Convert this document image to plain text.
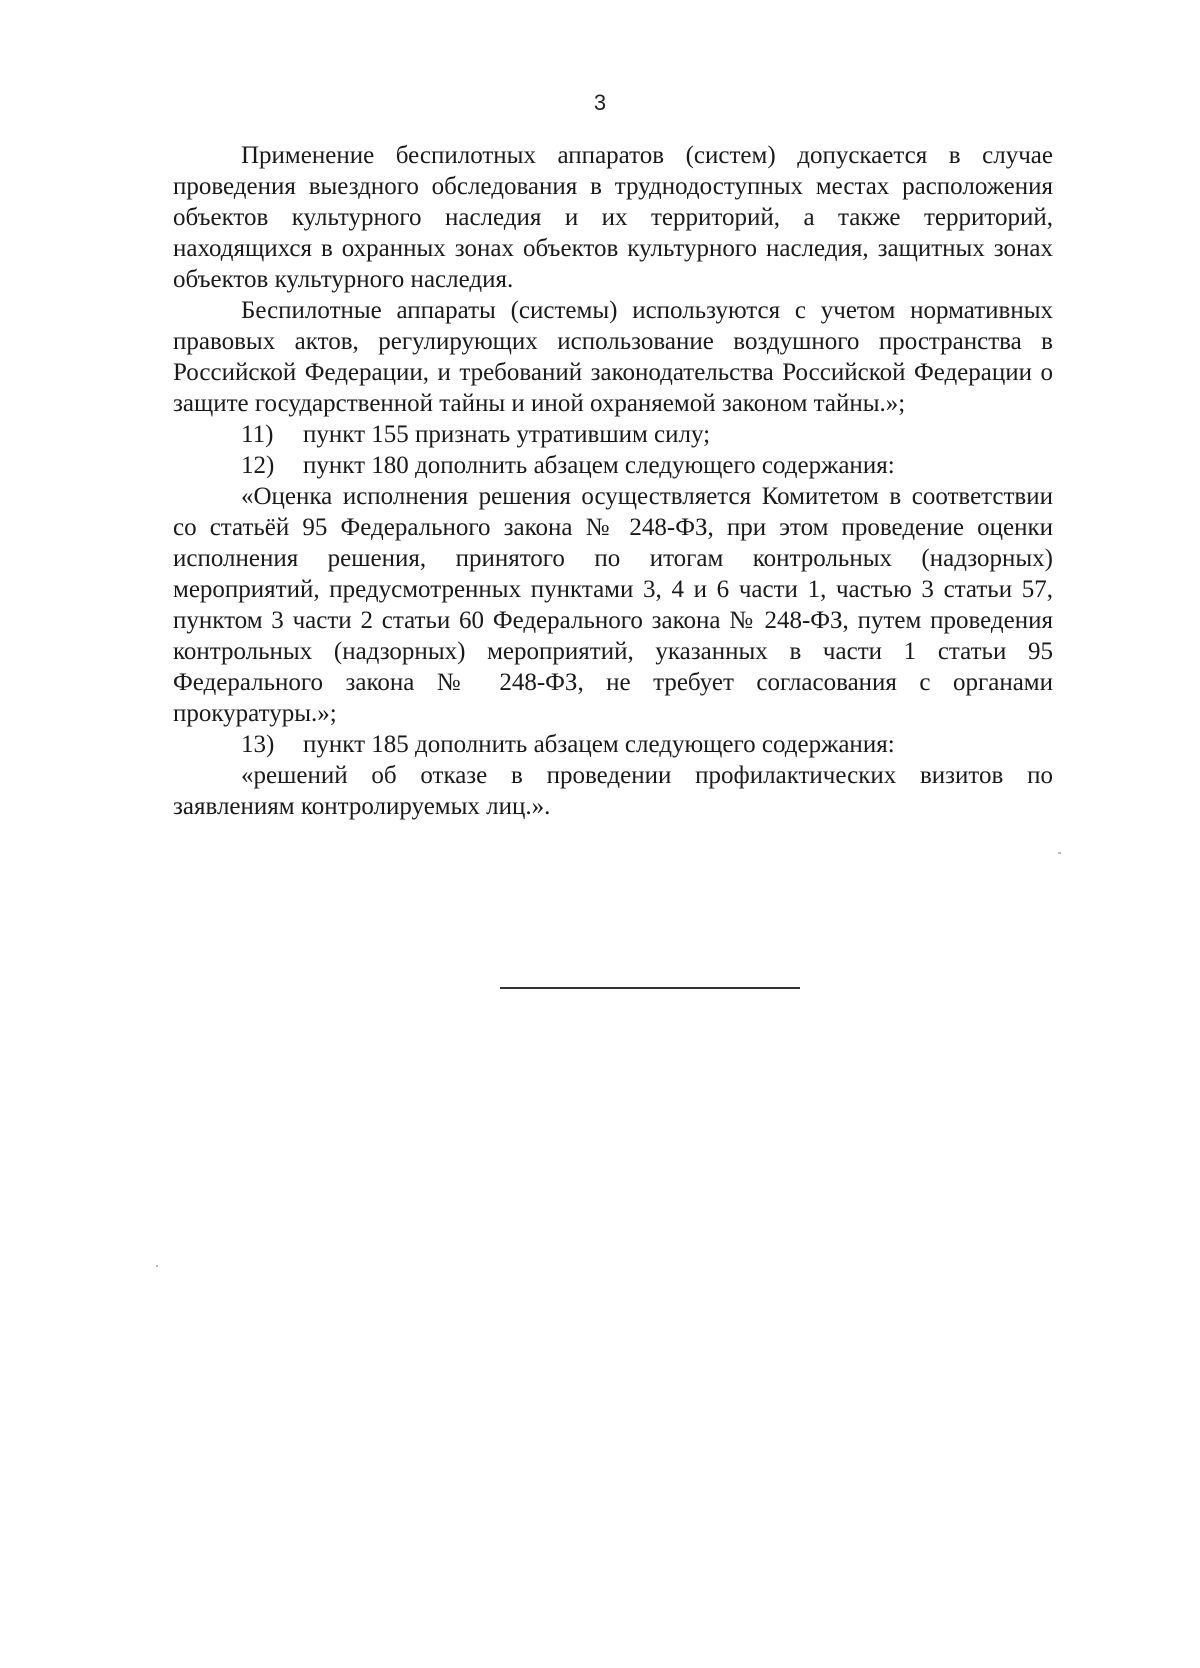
3

Применение беспилотных аппаратов (систем) допускается в случае проведения выездного обследования в труднодоступных местах расположения объектов культурного наследия и их территорий, а также территорий, находящихся в охранных зонах объектов культурного наследия, защитных зонах объектов культурного наследия.

Беспилотные аппараты (системы) используются с учетом нормативных правовых актов, регулирующих использование воздушного пространства в Российской Федерации, и требований законодательства Российской Федерации о защите государственной тайны и иной охраняемой законом тайны.»;

11) пункт 155 признать утратившим силу;

12) пункт 180 дополнить абзацем следующего содержания:

«Оценка исполнения решения осуществляется Комитетом в соответствии со статьёй 95 Федерального закона № 248-ФЗ, при этом проведение оценки исполнения решения, принятого по итогам контрольных (надзорных) мероприятий, предусмотренных пунктами 3, 4 и 6 части 1, частью 3 статьи 57, пунктом 3 части 2 статьи 60 Федерального закона № 248-ФЗ, путем проведения контрольных (надзорных) мероприятий, указанных в части 1 статьи 95 Федерального закона № 248-ФЗ, не требует согласования с органами прокуратуры.»;

13) пункт 185 дополнить абзацем следующего содержания:

«решений об отказе в проведении профилактических визитов по заявлениям контролируемых лиц.».
